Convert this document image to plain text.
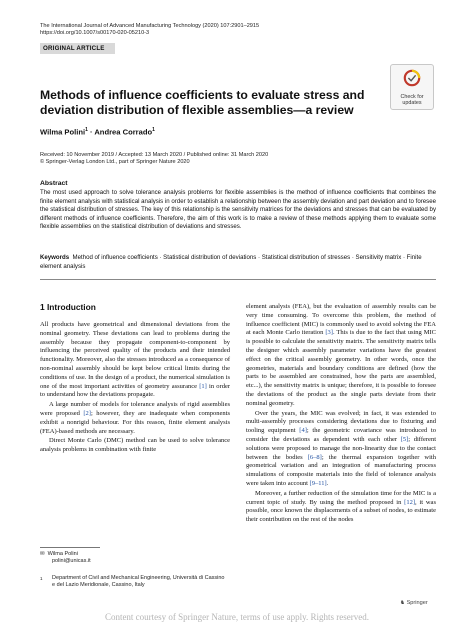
The International Journal of Advanced Manufacturing Technology (2020) 107:2901–2915
https://doi.org/10.1007/s00170-020-05210-3
ORIGINAL ARTICLE
Check for
updates
Methods of influence coefficients to evaluate stress and deviation distribution of flexible assemblies—a review
Wilma Polini$^1$ · Andrea Corrado$^1$
Received: 10 November 2019 / Accepted: 13 March 2020 / Published online: 31 March 2020
© Springer-Verlag London Ltd., part of Springer Nature 2020
Abstract
The most used approach to solve tolerance analysis problems for flexible assemblies is the method of influence coefficients that combines the finite element analysis with statistical analysis in order to establish a relationship between the assembly deviation and part deviation and to foresee the statistical distribution of stresses. The key of this relationship is the sensitivity matrices for the deviations and stresses that can be evaluated by different methods of influence coefficients. Therefore, the aim of this work is to make a review of these methods applying them to evaluate some flexible assemblies on the statistical distribution of deviations and stresses.
Keywords Method of influence coefficients · Statistical distribution of deviations · Statistical distribution of stresses · Sensitivity matrix · Finite element analysis
1 Introduction

All products have geometrical and dimensional deviations from the nominal geometry. These deviations can lead to problems during the assembly because they propagate component-to-component by influencing the perceived quality of the products and their intended functionality. Moreover, also the stresses introduced as a consequence of non-nominal assembly should be kept below critical limits during the conditions of use. In the design of a product, the numerical simulation is one of the most important activities of geometry assurance [1] in order to understand how the deviations propagate.

A large number of models for tolerance analysis of rigid assemblies were proposed [2]; however, they are inadequate when components exhibit a nonrigid behaviour. For this reason, finite element analysis (FEA)-based methods are necessary.

Direct Monte Carlo (DMC) method can be used to solve tolerance analysis problems in combination with finite

element analysis (FEA), but the evaluation of assembly results can be very time consuming. To overcome this problem, the method of influence coefficient (MIC) is commonly used to avoid solving the FEA at each Monte Carlo iteration [3]. This is due to the fact that using MIC is possible to calculate the sensitivity matrix. The sensitivity matrix tells the designer which assembly parameter variations have the greatest effect on the critical assembly geometry. In other words, once the geometries, materials and boundary conditions are defined (how the parts to be assembled are constrained, how the parts are assembled, etc...), the sensitivity matrix is unique; therefore, it is possible to foresee the deviations of the product as the single parts deviate from their nominal geometry.

Over the years, the MIC was evolved; in fact, it was extended to multi-assembly processes considering deviations due to fixturing and tooling equipment [4]; the geometric covariance was introduced to consider the deviations as dependent with each other [5]; different solutions were proposed to manage the non-linearity due to the contact between the bodies [6–8]; the thermal expansion together with geometrical variation and an integration of manufacturing process simulations of composite materials into the field of tolerance analysis were taken into account [9–11].

Moreover, a further reduction of the simulation time for the MIC is a current topic of study. By using the method proposed in [12], it was possible, once known the displacements of a subset of nodes, to estimate their contribution on the rest of the nodes

✉ Wilma Polini
polini@unicas.it
$^1$ Department of Civil and Mechanical Engineering, Università di Cassino e del Lazio Meridionale, Cassino, Italy
♞ Springer
Content courtesy of Springer Nature, terms of use apply. Rights reserved.
